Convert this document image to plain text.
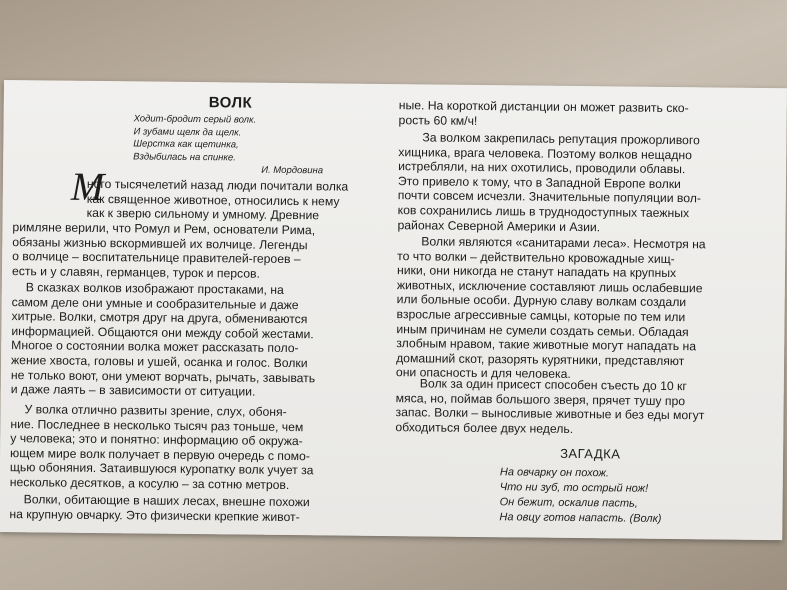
ВОЛК
Ходит-бродит серый волк.
И зубами щелк да щелк.
Шерстка как щетинка,
Вздыбилась на спинке.
И. Мордовина
М
ного тысячелетий назад люди почитали волка
как священное животное, относились к нему
как к зверю сильному и умному. Древние
римляне верили, что Ромул и Рем, основатели Рима,
обязаны жизнью вскормившей их волчице. Легенды
о волчице – воспитательнице правителей-героев –
есть и у славян, германцев, турок и персов.
В сказках волков изображают простаками, на
самом деле они умные и сообразительные и даже
хитрые. Волки, смотря друг на друга, обмениваются
информацией. Общаются они между собой жестами.
Многое о состоянии волка может рассказать поло-
жение хвоста, головы и ушей, осанка и голос. Волки
не только воют, они умеют ворчать, рычать, завывать
и даже лаять – в зависимости от ситуации.
У волка отлично развиты зрение, слух, обоня-
ние. Последнее в несколько тысяч раз тоньше, чем
у человека; это и понятно: информацию об окружа-
ющем мире волк получает в первую очередь с помо-
щью обоняния. Затаившуюся куропатку волк учует за
несколько десятков, а косулю – за сотню метров.
Волки, обитающие в наших лесах, внешне похожи
на крупную овчарку. Это физически крепкие живот-
ные. На короткой дистанции он может развить ско-
рость 60 км/ч!
За волком закрепилась репутация прожорливого
хищника, врага человека. Поэтому волков нещадно
истребляли, на них охотились, проводили облавы.
Это привело к тому, что в Западной Европе волки
почти совсем исчезли. Значительные популяции вол-
ков сохранились лишь в труднодоступных таежных
районах Северной Америки и Азии.
Волки являются «санитарами леса». Несмотря на
то что волки – действительно кровожадные хищ-
ники, они никогда не станут нападать на крупных
животных, исключение составляют лишь ослабевшие
или больные особи. Дурную славу волкам создали
взрослые агрессивные самцы, которые по тем или
иным причинам не сумели создать семьи. Обладая
злобным нравом, такие животные могут нападать на
домашний скот, разорять курятники, представляют
они опасность и для человека.
Волк за один присест способен съесть до 10 кг
мяса, но, поймав большого зверя, прячет тушу про
запас. Волки – выносливые животные и без еды могут
обходиться более двух недель.
ЗАГАДКА
На овчарку он похож.
Что ни зуб, то острый нож!
Он бежит, оскалив пасть,
На овцу готов напасть. (Волк)
